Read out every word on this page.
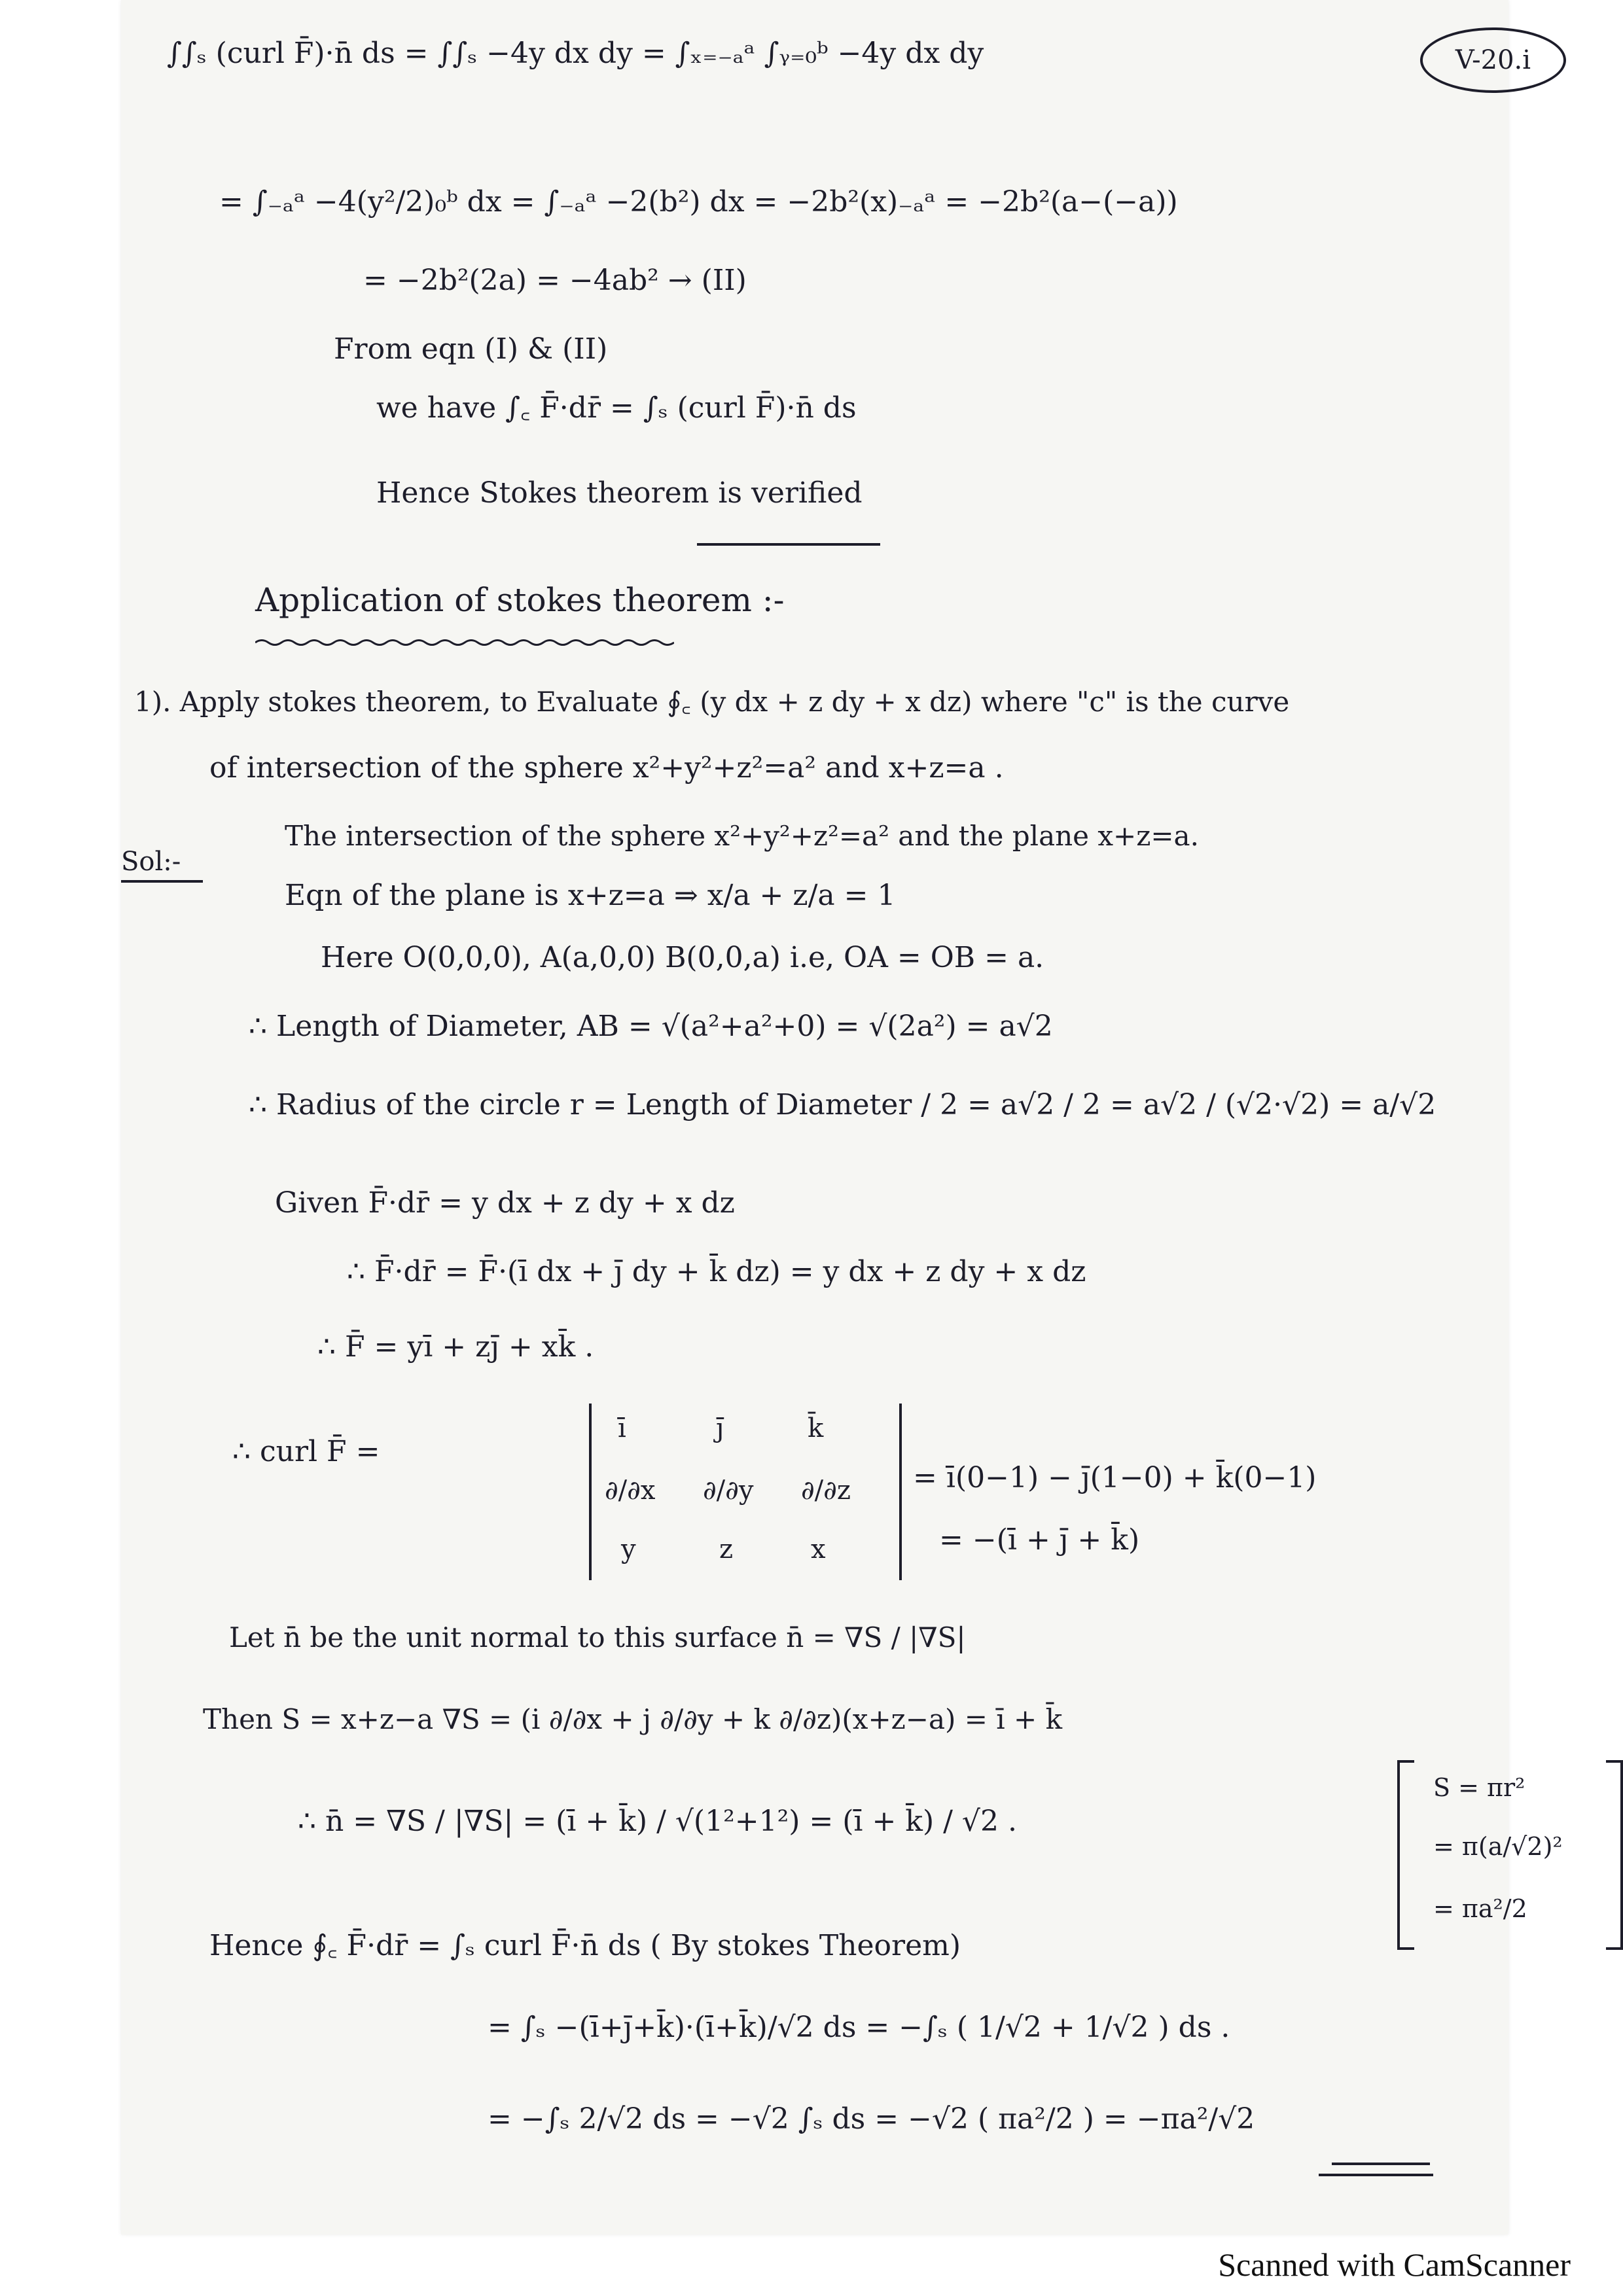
V-20.i
∫∫ₛ (curl F̄)·n̄ ds = ∫∫ₛ −4y dx dy = ∫ₓ₌₋ₐᵃ ∫ᵧ₌₀ᵇ −4y dx dy
= ∫₋ₐᵃ −4(y²/2)₀ᵇ dx = ∫₋ₐᵃ −2(b²) dx = −2b²(x)₋ₐᵃ = −2b²(a−(−a))
= −2b²(2a) = −4ab² → (II)
From eqn (I) & (II)
we have ∫꜀ F̄·dr̄ = ∫ₛ (curl F̄)·n̄ ds
Hence Stokes theorem is verified
Application of stokes theorem :-
1). Apply stokes theorem, to Evaluate ∮꜀ (y dx + z dy + x dz) where "c" is the curve
of intersection of the sphere x²+y²+z²=a² and x+z=a .
Sol:-
The intersection of the sphere x²+y²+z²=a² and the plane x+z=a.
Eqn of the plane is x+z=a ⇒ x/a + z/a = 1
Here O(0,0,0), A(a,0,0) B(0,0,a) i.e, OA = OB = a.
∴ Length of Diameter, AB = √(a²+a²+0) = √(2a²) = a√2
∴ Radius of the circle r = Length of Diameter / 2 = a√2 / 2 = a√2 / (√2·√2) = a/√2
Given F̄·dr̄ = y dx + z dy + x dz
∴ F̄·dr̄ = F̄·(ī dx + j̄ dy + k̄ dz) = y dx + z dy + x dz
∴ F̄ = yī + zj̄ + xk̄ .
∴ curl F̄ =
ī	j̄	k̄
∂/∂x ∂/∂y ∂/∂z
y	z	x
= ī(0−1) − j̄(1−0) + k̄(0−1)
= −(ī + j̄ + k̄)
Let n̄ be the unit normal to this surface n̄ = ∇S / |∇S|
Then S = x+z−a ∇S = (i ∂/∂x + j ∂/∂y + k ∂/∂z)(x+z−a) = ī + k̄
∴ n̄ = ∇S / |∇S| = (ī + k̄) / √(1²+1²) = (ī + k̄) / √2 .
Hence ∮꜀ F̄·dr̄ = ∫ₛ curl F̄·n̄ ds ( By stokes Theorem)
= ∫ₛ −(ī+j̄+k̄)·(ī+k̄)/√2 ds = −∫ₛ ( 1/√2 + 1/√2 ) ds .
= −∫ₛ 2/√2 ds = −√2 ∫ₛ ds = −√2 ( πa²/2 ) = −πa²/√2
S = πr²
= π(a/√2)²
= πa²/2
Scanned with CamScanner
